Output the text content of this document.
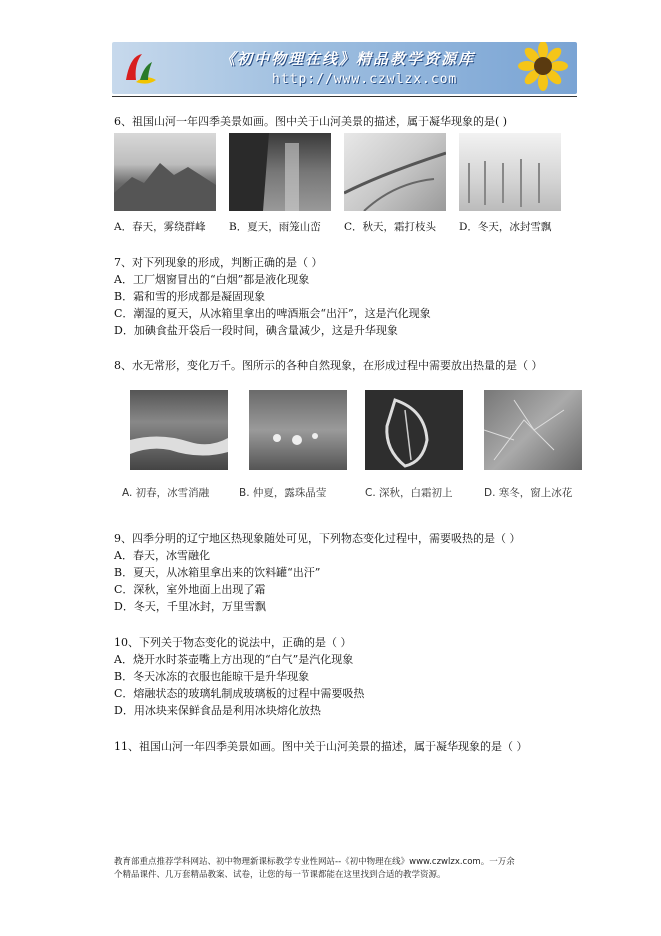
《初中物理在线》精品教学资源库
http://www.czwlzx.com
6、祖国山河一年四季美景如画。图中关于山河美景的描述，属于凝华现象的是( )
A．春天，雾绕群峰 B．夏天，雨笼山峦 C．秋天，霜打枝头 D．冬天，冰封雪飘
7、对下列现象的形成，判断正确的是（ ）
A．工厂烟窗冒出的“白烟”都是液化现象
B．霜和雪的形成都是凝固现象
C．潮湿的夏天，从冰箱里拿出的啤酒瓶会“出汗”，这是汽化现象
D．加碘食盐开袋后一段时间，碘含量减少，这是升华现象
8、水无常形，变化万千。图所示的各种自然现象，在形成过程中需要放出热量的是（ ）
A. 初春，冰雪消融	B. 仲夏，露珠晶莹	C. 深秋，白霜初上	D. 寒冬，窗上冰花
9、四季分明的辽宁地区热现象随处可见，下列物态变化过程中，需要吸热的是（ ）
A．春天，冰雪融化
B．夏天，从冰箱里拿出来的饮料罐“出汗”
C．深秋，室外地面上出现了霜
D．冬天，千里冰封，万里雪飘
10、下列关于物态变化的说法中，正确的是（ ）
A．烧开水时茶壶嘴上方出现的“白气”是汽化现象
B．冬天冰冻的衣服也能晾干是升华现象
C．熔融状态的玻璃轧制成玻璃板的过程中需要吸热
D．用冰块来保鲜食品是利用冰块熔化放热
11、祖国山河一年四季美景如画。图中关于山河美景的描述，属于凝华现象的是（ ）
教育部重点推荐学科网站、初中物理新课标教学专业性网站--《初中物理在线》www.czwlzx.com。一万余
个精品课件、几万套精品教案、试卷，让您的每一节课都能在这里找到合适的教学资源。
